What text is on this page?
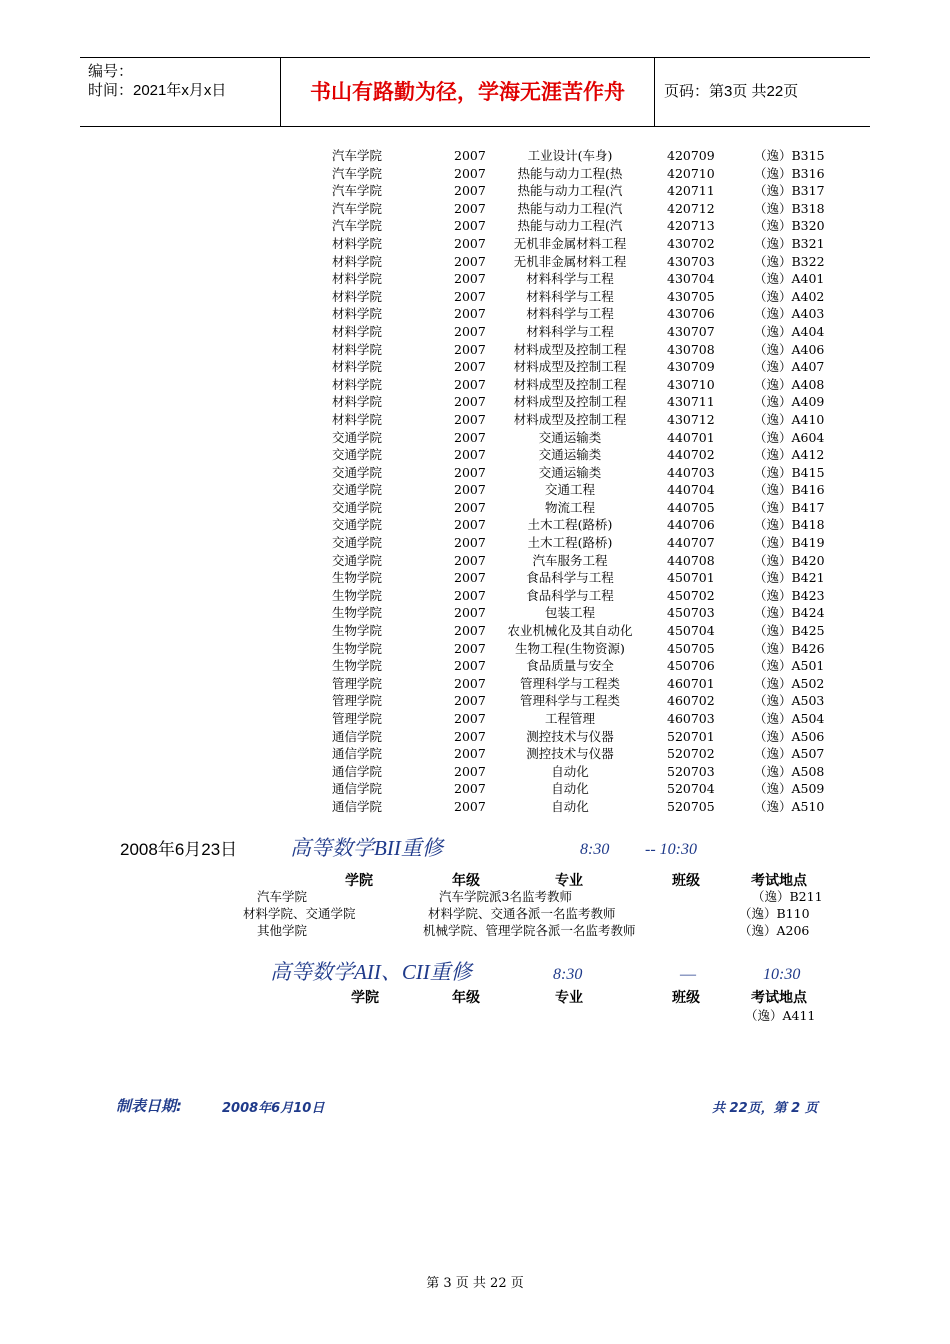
编号：
时间：2021年x月x日	书山有路勤为径，学海无涯苦作舟	页码：第3页 共22页
汽车学院	2007	工业设计(车身)	420709	（逸）B315
汽车学院	2007	热能与动力工程(热	420710	（逸）B316
汽车学院	2007	热能与动力工程(汽	420711	（逸）B317
汽车学院	2007	热能与动力工程(汽	420712	（逸）B318
汽车学院	2007	热能与动力工程(汽	420713	（逸）B320
材料学院	2007	无机非金属材料工程	430702	（逸）B321
材料学院	2007	无机非金属材料工程	430703	（逸）B322
材料学院	2007	材料科学与工程	430704	（逸）A401
材料学院	2007	材料科学与工程	430705	（逸）A402
材料学院	2007	材料科学与工程	430706	（逸）A403
材料学院	2007	材料科学与工程	430707	（逸）A404
材料学院	2007	材料成型及控制工程	430708	（逸）A406
材料学院	2007	材料成型及控制工程	430709	（逸）A407
材料学院	2007	材料成型及控制工程	430710	（逸）A408
材料学院	2007	材料成型及控制工程	430711	（逸）A409
材料学院	2007	材料成型及控制工程	430712	（逸）A410
交通学院	2007	交通运输类	440701	（逸）A604
交通学院	2007	交通运输类	440702	（逸）A412
交通学院	2007	交通运输类	440703	（逸）B415
交通学院	2007	交通工程	440704	（逸）B416
交通学院	2007	物流工程	440705	（逸）B417
交通学院	2007	土木工程(路桥)	440706	（逸）B418
交通学院	2007	土木工程(路桥)	440707	（逸）B419
交通学院	2007	汽车服务工程	440708	（逸）B420
生物学院	2007	食品科学与工程	450701	（逸）B421
生物学院	2007	食品科学与工程	450702	（逸）B423
生物学院	2007	包装工程	450703	（逸）B424
生物学院	2007	农业机械化及其自动化	450704	（逸）B425
生物学院	2007	生物工程(生物资源)	450705	（逸）B426
生物学院	2007	食品质量与安全	450706	（逸）A501
管理学院	2007	管理科学与工程类	460701	（逸）A502
管理学院	2007	管理科学与工程类	460702	（逸）A503
管理学院	2007	工程管理	460703	（逸）A504
通信学院	2007	测控技术与仪器	520701	（逸）A506
通信学院	2007	测控技术与仪器	520702	（逸）A507
通信学院	2007	自动化	520703	（逸）A508
通信学院	2007	自动化	520704	（逸）A509
通信学院	2007	自动化	520705	（逸）A510
2008年6月23日	高等数学BII重修	8:30 -- 10:30
学院	年级	专业	班级	考试地点
汽车学院	汽车学院派3名监考教师	（逸）B211
材料学院、交通学院	材料学院、交通各派一名监考教师	（逸）B110
其他学院	机械学院、管理学院各派一名监考教师	（逸）A206
高等数学AII、CII重修	8:30	—	10:30
学院	年级	专业	班级	考试地点
（逸）A411
制表日期:	2008年6月10日	共 22页，第 2 页
第 3 页 共 22 页
